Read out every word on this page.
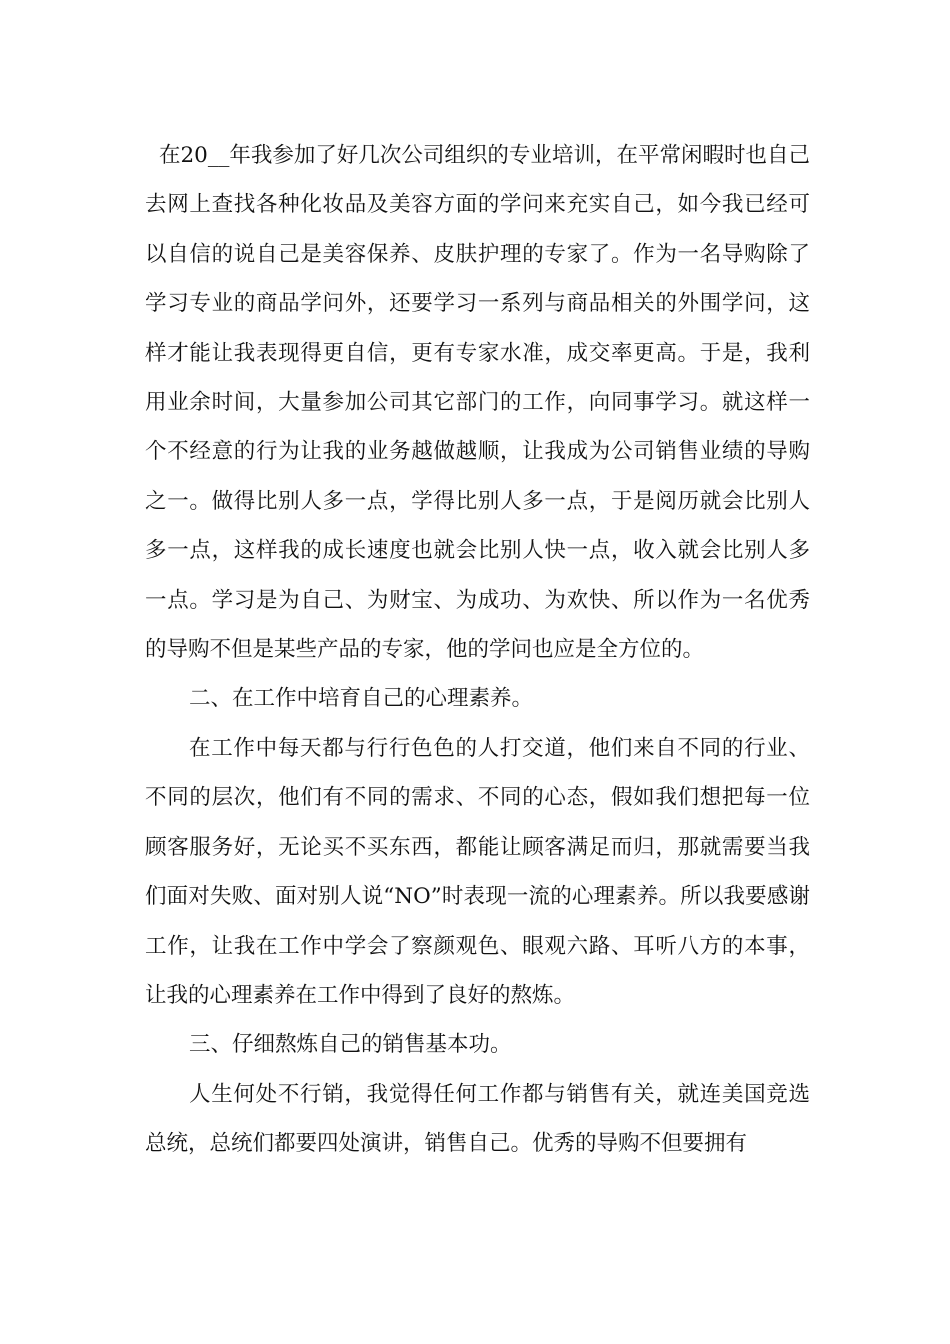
在20__年我参加了好几次公司组织的专业培训，在平常闲暇时也自己去网上查找各种化妆品及美容方面的学问来充实自己，如今我已经可以自信的说自己是美容保养、皮肤护理的专家了。作为一名导购除了学习专业的商品学问外，还要学习一系列与商品相关的外围学问，这样才能让我表现得更自信，更有专家水准，成交率更高。于是，我利用业余时间，大量参加公司其它部门的工作，向同事学习。就这样一个不经意的行为让我的业务越做越顺，让我成为公司销售业绩的导购之一。做得比别人多一点，学得比别人多一点，于是阅历就会比别人多一点，这样我的成长速度也就会比别人快一点，收入就会比别人多一点。学习是为自己、为财宝、为成功、为欢快、所以作为一名优秀的导购不但是某些产品的专家，他的学问也应是全方位的。

二、在工作中培育自己的心理素养。

在工作中每天都与行行色色的人打交道，他们来自不同的行业、不同的层次，他们有不同的需求、不同的心态，假如我们想把每一位顾客服务好，无论买不买东西，都能让顾客满足而归，那就需要当我们面对失败、面对别人说“NO”时表现一流的心理素养。所以我要感谢工作，让我在工作中学会了察颜观色、眼观六路、耳听八方的本事，让我的心理素养在工作中得到了良好的熬炼。

三、仔细熬炼自己的销售基本功。

人生何处不行销，我觉得任何工作都与销售有关，就连美国竞选总统，总统们都要四处演讲，销售自己。优秀的导购不但要拥有
